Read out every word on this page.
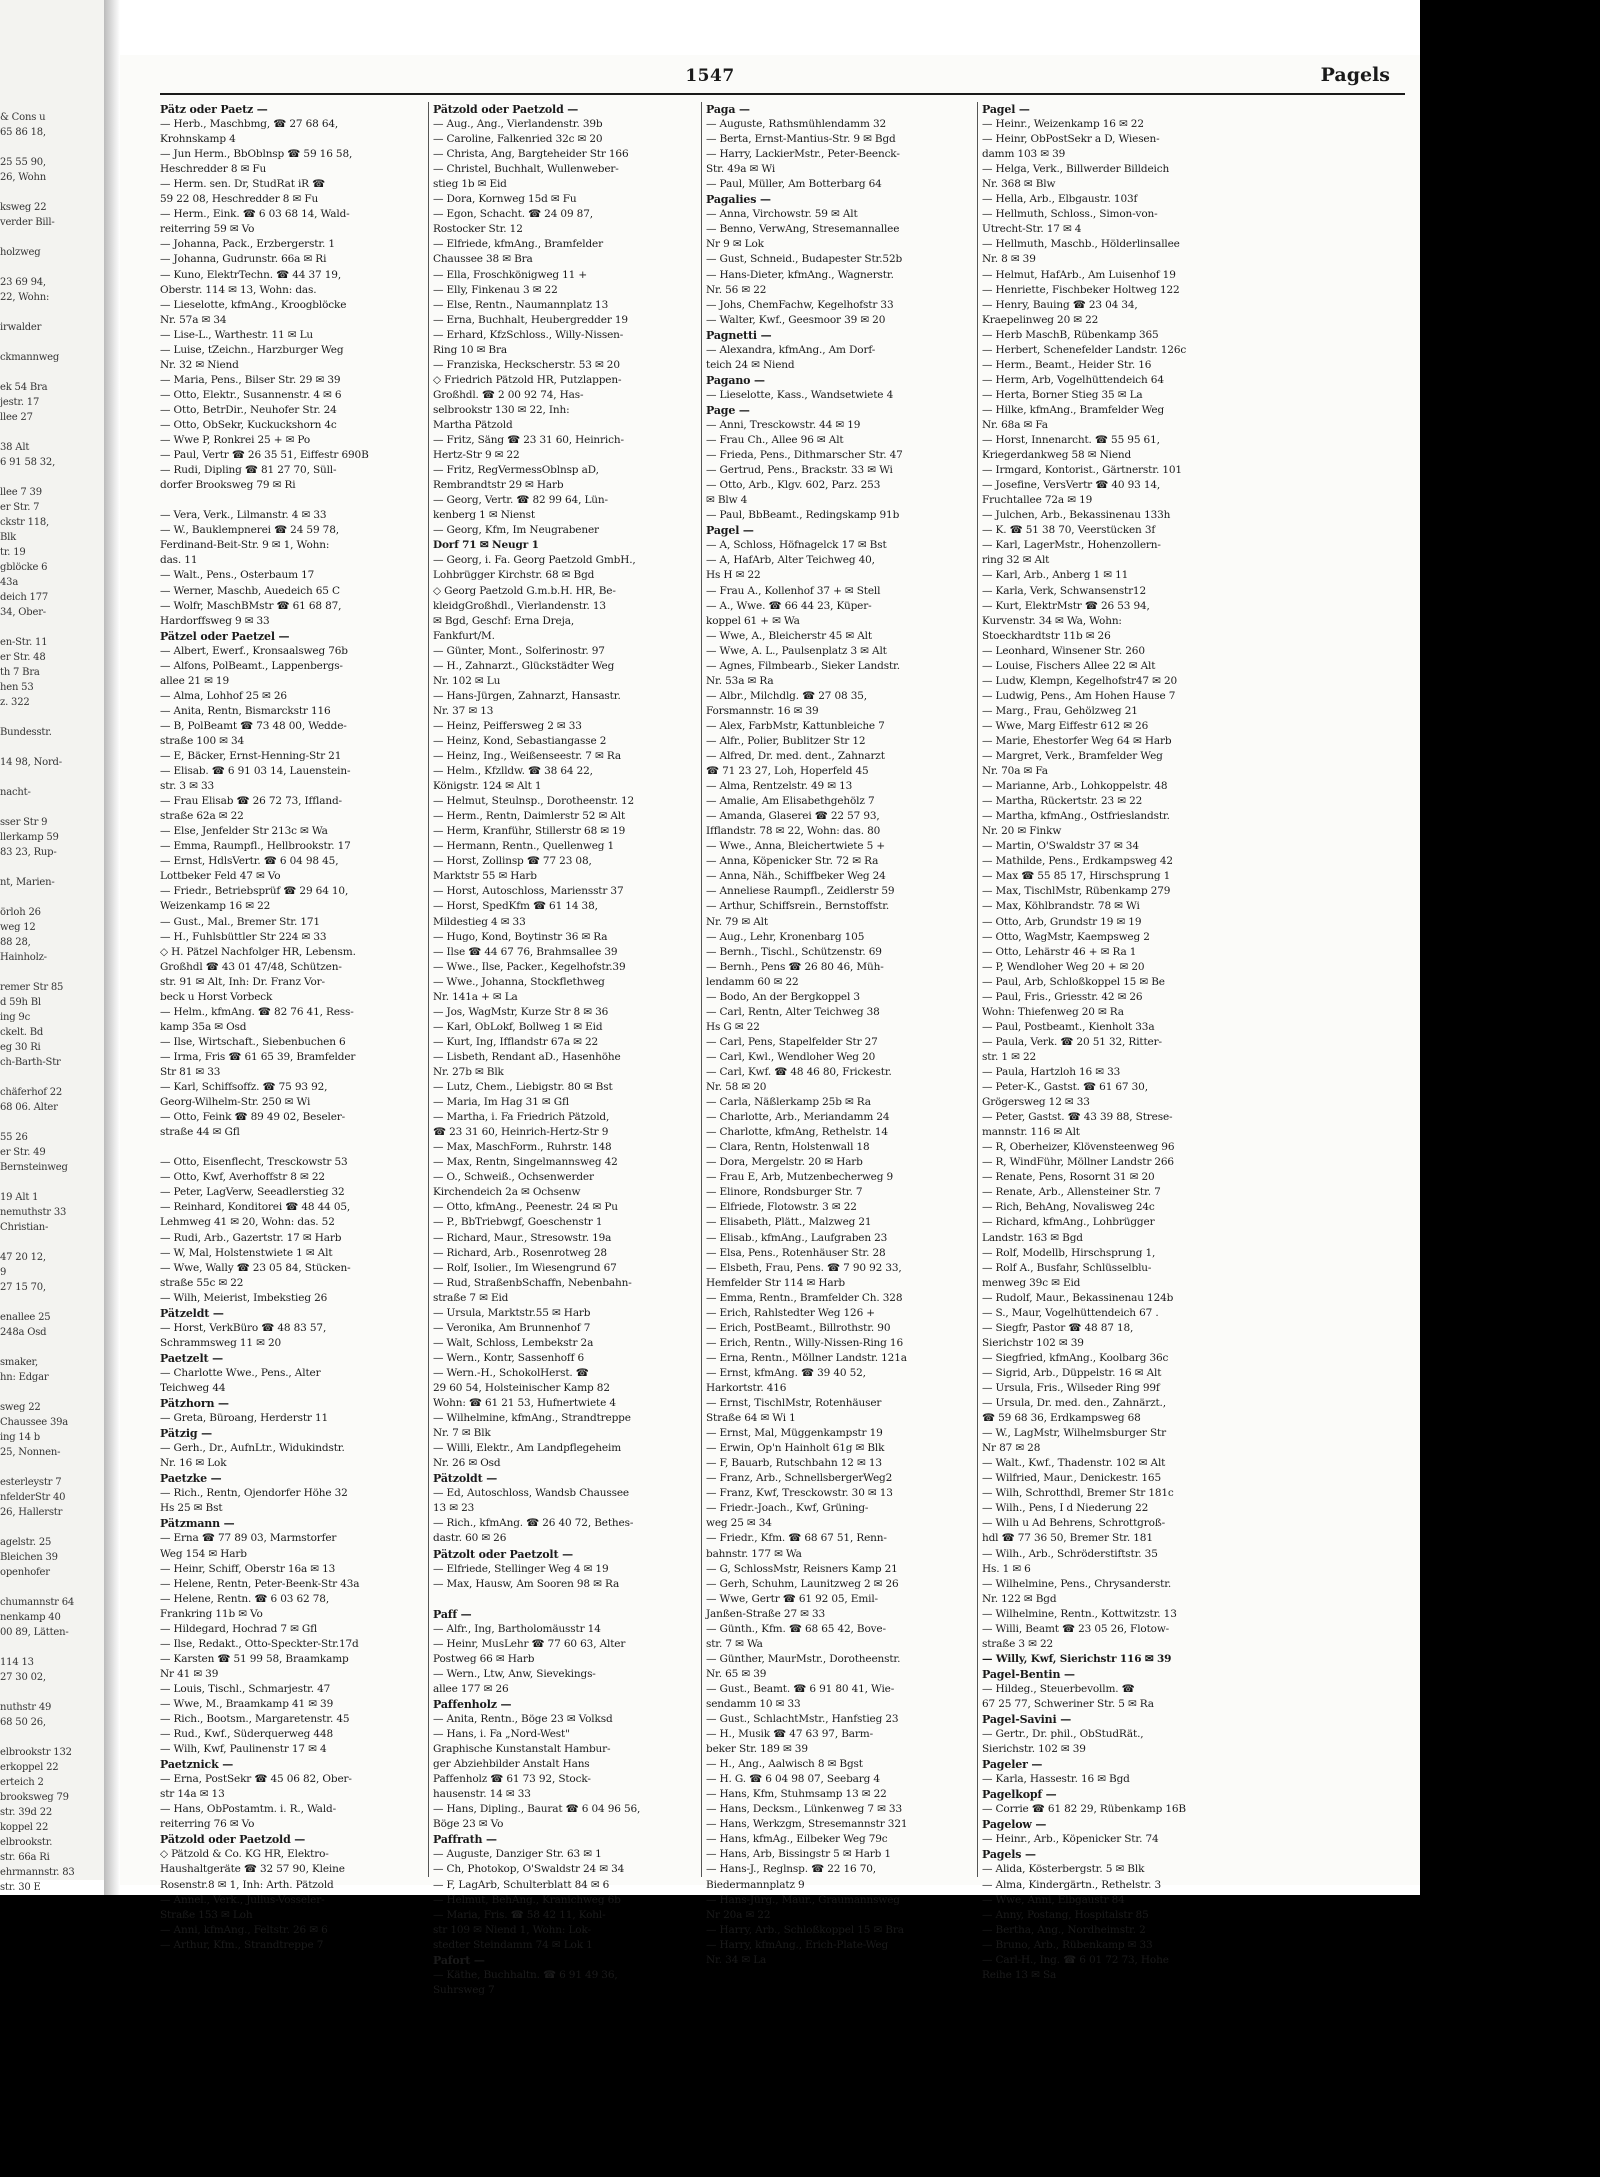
& Cons u
65 86 18,
25 55 90,
26, Wohn
ksweg 22
verder Bill-
holzweg
23 69 94,
22, Wohn:
irwalder
ckmannweg
ek 54 Bra
jestr. 17
llee 27
38 Alt
6 91 58 32,
llee 7 39
er Str. 7
ckstr 118,
Blk
tr. 19
gblöcke 6
43a
deich 177
34, Ober-
en-Str. 11
er Str. 48
th 7 Bra
hen 53
z. 322
Bundesstr.
14 98, Nord-
nacht-
sser Str 9
llerkamp 59
83 23, Rup-
nt, Marien-
örloh 26
weg 12
88 28,
Hainholz-
remer Str 85
d 59h Bl
ing 9c
ckelt. Bd
eg 30 Ri
ch-Barth-Str
chäferhof 22
68 06. Alter
55 26
er Str. 49
Bernsteinweg
19 Alt 1
nemuthstr 33
Christian-
47 20 12,
9
27 15 70,
enallee 25
248a Osd
smaker,
hn: Edgar
sweg 22
Chaussee 39a
ing 14 b
25, Nonnen-
esterleystr 7
nfelderStr 40
26, Hallerstr
agelstr. 25
Bleichen 39
openhofer
chumannstr 64
nenkamp 40
00 89, Lätten-
114 13
27 30 02,
nuthstr 49
68 50 26,
elbrookstr 132
erkoppel 22
erteich 2
brooksweg 79
str. 39d 22
koppel 22
elbrookstr.
str. 66a Ri
ehrmannstr. 83
str. 30 E
1547	Pagels
Pätz oder Paetz —
— Herb., Maschbmg, ☎ 27 68 64,
Krohnskamp 4
— Jun Herm., BbOblnsp ☎ 59 16 58,
Heschredder 8 ✉ Fu
— Herm. sen. Dr, StudRat iR ☎
59 22 08, Heschredder 8 ✉ Fu
— Herm., Eink. ☎ 6 03 68 14, Wald-
reiterring 59 ✉ Vo
— Johanna, Pack., Erzbergerstr. 1
— Johanna, Gudrunstr. 66a ✉ Ri
— Kuno, ElektrTechn. ☎ 44 37 19,
Oberstr. 114 ✉ 13, Wohn: das.
— Lieselotte, kfmAng., Kroogblöcke
Nr. 57a ✉ 34
— Lise-L., Warthestr. 11 ✉ Lu
— Luise, tZeichn., Harzburger Weg
Nr. 32 ✉ Niend
— Maria, Pens., Bilser Str. 29 ✉ 39
— Otto, Elektr., Susannenstr. 4 ✉ 6
— Otto, BetrDir., Neuhofer Str. 24
— Otto, ObSekr, Kuckuckshorn 4c
— Wwe P, Ronkrei 25 + ✉ Po
— Paul, Vertr ☎ 26 35 51, Eiffestr 690B
— Rudi, Dipling ☎ 81 27 70, Süll-
dorfer Brooksweg 79 ✉ Ri
— Vera, Verk., Lilmanstr. 4 ✉ 33
— W., Bauklempnerei ☎ 24 59 78,
Ferdinand-Beit-Str. 9 ✉ 1, Wohn:
das. 11
— Walt., Pens., Osterbaum 17
— Werner, Maschb, Auedeich 65 C
— Wolfr, MaschBMstr ☎ 61 68 87,
Hardorffsweg 9 ✉ 33
Pätzel oder Paetzel —
— Albert, Ewerf., Kronsaalsweg 76b
— Alfons, PolBeamt., Lappenbergs-
allee 21 ✉ 19
— Alma, Lohhof 25 ✉ 26
— Anita, Rentn, Bismarckstr 116
— B, PolBeamt ☎ 73 48 00, Wedde-
straße 100 ✉ 34
— E, Bäcker, Ernst-Henning-Str 21
— Elisab. ☎ 6 91 03 14, Lauenstein-
str. 3 ✉ 33
— Frau Elisab ☎ 26 72 73, Iffland-
straße 62a ✉ 22
— Else, Jenfelder Str 213c ✉ Wa
— Emma, Raumpfl., Hellbrookstr. 17
— Ernst, HdlsVertr. ☎ 6 04 98 45,
Lottbeker Feld 47 ✉ Vo
— Friedr., Betriebsprüf ☎ 29 64 10,
Weizenkamp 16 ✉ 22
— Gust., Mal., Bremer Str. 171
— H., Fuhlsbüttler Str 224 ✉ 33
◇ H. Pätzel Nachfolger HR, Lebensm.
Großhdl ☎ 43 01 47/48, Schützen-
str. 91 ✉ Alt, Inh: Dr. Franz Vor-
beck u Horst Vorbeck
— Helm., kfmAng. ☎ 82 76 41, Ress-
kamp 35a ✉ Osd
— Ilse, Wirtschaft., Siebenbuchen 6
— Irma, Fris ☎ 61 65 39, Bramfelder
Str 81 ✉ 33
— Karl, Schiffsoffz. ☎ 75 93 92,
Georg-Wilhelm-Str. 250 ✉ Wi
— Otto, Feink ☎ 89 49 02, Beseler-
straße 44 ✉ Gfl
— Otto, Eisenflecht, Tresckowstr 53
— Otto, Kwf, Averhoffstr 8 ✉ 22
— Peter, LagVerw, Seeadlerstieg 32
— Reinhard, Konditorei ☎ 48 44 05,
Lehmweg 41 ✉ 20, Wohn: das. 52
— Rudi, Arb., Gazertstr. 17 ✉ Harb
— W, Mal, Holstenstwiete 1 ✉ Alt
— Wwe, Wally ☎ 23 05 84, Stücken-
straße 55c ✉ 22
— Wilh, Meierist, Imbekstieg 26
Pätzeldt —
— Horst, VerkBüro ☎ 48 83 57,
Schrammsweg 11 ✉ 20
Paetzelt —
— Charlotte Wwe., Pens., Alter
Teichweg 44
Pätzhorn —
— Greta, Büroang, Herderstr 11
Pätzig —
— Gerh., Dr., AufnLtr., Widukindstr.
Nr. 16 ✉ Lok
Paetzke —
— Rich., Rentn, Ojendorfer Höhe 32
Hs 25 ✉ Bst
Pätzmann —
— Erna ☎ 77 89 03, Marmstorfer
Weg 154 ✉ Harb
— Heinr, Schiff, Oberstr 16a ✉ 13
— Helene, Rentn, Peter-Beenk-Str 43a
— Helene, Rentn. ☎ 6 03 62 78,
Frankring 11b ✉ Vo
— Hildegard, Hochrad 7 ✉ Gfl
— Ilse, Redakt., Otto-Speckter-Str.17d
— Karsten ☎ 51 99 58, Braamkamp
Nr 41 ✉ 39
— Louis, Tischl., Schmarjestr. 47
— Wwe, M., Braamkamp 41 ✉ 39
— Rich., Bootsm., Margaretenstr. 45
— Rud., Kwf., Süderquerweg 448
— Wilh, Kwf, Paulinenstr 17 ✉ 4
Paetznick —
— Erna, PostSekr ☎ 45 06 82, Ober-
str 14a ✉ 13
— Hans, ObPostamtm. i. R., Wald-
reiterring 76 ✉ Vo
Pätzold oder Paetzold —
◇ Pätzold & Co. KG HR, Elektro-
Haushaltgeräte ☎ 32 57 90, Kleine
Rosenstr.8 ✉ 1, Inh: Arth. Pätzold
— Annel., Verk., Julius-Vosseler-
Straße 153 ✉ Loh
— Anni, kfmAng., Feltstr. 26 ✉ 6
— Arthur, Kfm., Strandtreppe 7
Pätzold oder Paetzold —
— Aug., Ang., Vierlandenstr. 39b
— Caroline, Falkenried 32c ✉ 20
— Christa, Ang, Bargteheider Str 166
— Christel, Buchhalt, Wullenweber-
stieg 1b ✉ Eid
— Dora, Kornweg 15d ✉ Fu
— Egon, Schacht. ☎ 24 09 87,
Rostocker Str. 12
— Elfriede, kfmAng., Bramfelder
Chaussee 38 ✉ Bra
— Ella, Froschkönigweg 11 +
— Elly, Finkenau 3 ✉ 22
— Else, Rentn., Naumannplatz 13
— Erna, Buchhalt, Heubergredder 19
— Erhard, KfzSchloss., Willy-Nissen-
Ring 10 ✉ Bra
— Franziska, Heckscherstr. 53 ✉ 20
◇ Friedrich Pätzold HR, Putzlappen-
Großhdl. ☎ 2 00 92 74, Has-
selbrookstr 130 ✉ 22, Inh:
Martha Pätzold
— Fritz, Säng ☎ 23 31 60, Heinrich-
Hertz-Str 9 ✉ 22
— Fritz, RegVermessOblnsp aD,
Rembrandtstr 29 ✉ Harb
— Georg, Vertr. ☎ 82 99 64, Lün-
kenberg 1 ✉ Nienst
— Georg, Kfm, Im Neugrabener
Dorf 71 ✉ Neugr 1
— Georg, i. Fa. Georg Paetzold GmbH.,
Lohbrügger Kirchstr. 68 ✉ Bgd
◇ Georg Paetzold G.m.b.H. HR, Be-
kleidgGroßhdl., Vierlandenstr. 13
✉ Bgd, Geschf: Erna Dreja,
Fankfurt/M.
— Günter, Mont., Solferinostr. 97
— H., Zahnarzt., Glückstädter Weg
Nr. 102 ✉ Lu
— Hans-Jürgen, Zahnarzt, Hansastr.
Nr. 37 ✉ 13
— Heinz, Peiffersweg 2 ✉ 33
— Heinz, Kond, Sebastiangasse 2
— Heinz, Ing., Weißenseestr. 7 ✉ Ra
— Helm., Kfzlldw. ☎ 38 64 22,
Königstr. 124 ✉ Alt 1
— Helmut, Steulnsp., Dorotheenstr. 12
— Herm., Rentn, Daimlerstr 52 ✉ Alt
— Herm, Kranführ, Stillerstr 68 ✉ 19
— Hermann, Rentn., Quellenweg 1
— Horst, Zollinsp ☎ 77 23 08,
Marktstr 55 ✉ Harb
— Horst, Autoschloss, Mariensstr 37
— Horst, SpedKfm ☎ 61 14 38,
Mildestieg 4 ✉ 33
— Hugo, Kond, Boytinstr 36 ✉ Ra
— Ilse ☎ 44 67 76, Brahmsallee 39
— Wwe., Ilse, Packer., Kegelhofstr.39
— Wwe., Johanna, Stockflethweg
Nr. 141a + ✉ La
— Jos, WagMstr, Kurze Str 8 ✉ 36
— Karl, ObLokf, Bollweg 1 ✉ Eid
— Kurt, Ing, Ifflandstr 67a ✉ 22
— Lisbeth, Rendant aD., Hasenhöhe
Nr. 27b ✉ Blk
— Lutz, Chem., Liebigstr. 80 ✉ Bst
— Maria, Im Hag 31 ✉ Gfl
— Martha, i. Fa Friedrich Pätzold,
☎ 23 31 60, Heinrich-Hertz-Str 9
— Max, MaschForm., Ruhrstr. 148
— Max, Rentn, Singelmannsweg 42
— O., Schweiß., Ochsenwerder
Kirchendeich 2a ✉ Ochsenw
— Otto, kfmAng., Peenestr. 24 ✉ Pu
— P., BbTriebwgf, Goeschenstr 1
— Richard, Maur., Stresowstr. 19a
— Richard, Arb., Rosenrotweg 28
— Rolf, Isolier., Im Wiesengrund 67
— Rud, StraßenbSchaffn, Nebenbahn-
straße 7 ✉ Eid
— Ursula, Marktstr.55 ✉ Harb
— Veronika, Am Brunnenhof 7
— Walt, Schloss, Lembekstr 2a
— Wern., Kontr, Sassenhoff 6
— Wern.-H., SchokolHerst. ☎
29 60 54, Holsteinischer Kamp 82
Wohn: ☎ 61 21 53, Hufnertwiete 4
— Wilhelmine, kfmAng., Strandtreppe
Nr. 7 ✉ Blk
— Willi, Elektr., Am Landpflegeheim
Nr. 26 ✉ Osd
Pätzoldt —
— Ed, Autoschloss, Wandsb Chaussee
13 ✉ 23
— Rich., kfmAng. ☎ 26 40 72, Bethes-
dastr. 60 ✉ 26
Pätzolt oder Paetzolt —
— Elfriede, Stellinger Weg 4 ✉ 19
— Max, Hausw, Am Sooren 98 ✉ Ra
Paff —
— Alfr., Ing, Bartholomäusstr 14
— Heinr, MusLehr ☎ 77 60 63, Alter
Postweg 66 ✉ Harb
— Wern., Ltw, Anw, Sievekings-
allee 177 ✉ 26
Paffenholz —
— Anita, Rentn., Böge 23 ✉ Volksd
— Hans, i. Fa „Nord-West"
Graphische Kunstanstalt Hambur-
ger Abziehbilder Anstalt Hans
Paffenholz ☎ 61 73 92, Stock-
hausenstr. 14 ✉ 33
— Hans, Dipling., Baurat ☎ 6 04 96 56,
Böge 23 ✉ Vo
Paffrath —
— Auguste, Danziger Str. 63 ✉ 1
— Ch, Photokop, O'Swaldstr 24 ✉ 34
— F, LagArb, Schulterblatt 84 ✉ 6
— Helmut, BehAng., Kranichweg 6b
— Maria, Fris. ☎ 58 42 11, Kohl-
str 109 ✉ Niend 1, Wohn: Lok-
stedter Steindamm 74 ✉ Lok 1
Pafort —
— Käthe, Buchhaltn. ☎ 6 91 49 36,
Suhrsweg 7
Paga —
— Auguste, Rathsmühlendamm 32
— Berta, Ernst-Mantius-Str. 9 ✉ Bgd
— Harry, LackierMstr., Peter-Beenck-
Str. 49a ✉ Wi
— Paul, Müller, Am Botterbarg 64
Pagalies —
— Anna, Virchowstr. 59 ✉ Alt
— Benno, VerwAng, Stresemannallee
Nr 9 ✉ Lok
— Gust, Schneid., Budapester Str.52b
— Hans-Dieter, kfmAng., Wagnerstr.
Nr. 56 ✉ 22
— Johs, ChemFachw, Kegelhofstr 33
— Walter, Kwf., Geesmoor 39 ✉ 20
Pagnetti —
— Alexandra, kfmAng., Am Dorf-
teich 24 ✉ Niend
Pagano —
— Lieselotte, Kass., Wandsetwiete 4
Page —
— Anni, Tresckowstr. 44 ✉ 19
— Frau Ch., Allee 96 ✉ Alt
— Frieda, Pens., Dithmarscher Str. 47
— Gertrud, Pens., Brackstr. 33 ✉ Wi
— Otto, Arb., Klgv. 602, Parz. 253
✉ Blw 4
— Paul, BbBeamt., Redingskamp 91b
Pagel —
— A, Schloss, Höfnagelck 17 ✉ Bst
— A, HafArb, Alter Teichweg 40,
Hs H ✉ 22
— Frau A., Kollenhof 37 + ✉ Stell
— A., Wwe. ☎ 66 44 23, Küper-
koppel 61 + ✉ Wa
— Wwe, A., Bleicherstr 45 ✉ Alt
— Wwe, A. L., Paulsenplatz 3 ✉ Alt
— Agnes, Filmbearb., Sieker Landstr.
Nr. 53a ✉ Ra
— Albr., Milchdlg. ☎ 27 08 35,
Forsmannstr. 16 ✉ 39
— Alex, FarbMstr, Kattunbleiche 7
— Alfr., Polier, Bublitzer Str 12
— Alfred, Dr. med. dent., Zahnarzt
☎ 71 23 27, Loh, Hoperfeld 45
— Alma, Rentzelstr. 49 ✉ 13
— Amalie, Am Elisabethgehölz 7
— Amanda, Glaserei ☎ 22 57 93,
Ifflandstr. 78 ✉ 22, Wohn: das. 80
— Wwe., Anna, Bleichertwiete 5 +
— Anna, Köpenicker Str. 72 ✉ Ra
— Anna, Näh., Schiffbeker Weg 24
— Anneliese Raumpfl., Zeidlerstr 59
— Arthur, Schiffsrein., Bernstoffstr.
Nr. 79 ✉ Alt
— Aug., Lehr, Kronenbarg 105
— Bernh., Tischl., Schützenstr. 69
— Bernh., Pens ☎ 26 80 46, Müh-
lendamm 60 ✉ 22
— Bodo, An der Bergkoppel 3
— Carl, Rentn, Alter Teichweg 38
Hs G ✉ 22
— Carl, Pens, Stapelfelder Str 27
— Carl, Kwl., Wendloher Weg 20
— Carl, Kwf. ☎ 48 46 80, Frickestr.
Nr. 58 ✉ 20
— Carla, Näßlerkamp 25b ✉ Ra
— Charlotte, Arb., Meriandamm 24
— Charlotte, kfmAng, Rethelstr. 14
— Clara, Rentn, Holstenwall 18
— Dora, Mergelstr. 20 ✉ Harb
— Frau E, Arb, Mutzenbecherweg 9
— Elinore, Rondsburger Str. 7
— Elfriede, Flotowstr. 3 ✉ 22
— Elisabeth, Plätt., Malzweg 21
— Elisab., kfmAng., Laufgraben 23
— Elsa, Pens., Rotenhäuser Str. 28
— Elsbeth, Frau, Pens. ☎ 7 90 92 33,
Hemfelder Str 114 ✉ Harb
— Emma, Rentn., Bramfelder Ch. 328
— Erich, Rahlstedter Weg 126 +
— Erich, PostBeamt., Billrothstr. 90
— Erich, Rentn., Willy-Nissen-Ring 16
— Erna, Rentn., Möllner Landstr. 121a
— Ernst, kfmAng. ☎ 39 40 52,
Harkortstr. 416
— Ernst, TischlMstr, Rotenhäuser
Straße 64 ✉ Wi 1
— Ernst, Mal, Müggenkampstr 19
— Erwin, Op'n Hainholt 61g ✉ Blk
— F, Bauarb, Rutschbahn 12 ✉ 13
— Franz, Arb., SchnellsbergerWeg2
— Franz, Kwf, Tresckowstr. 30 ✉ 13
— Friedr.-Joach., Kwf, Grüning-
weg 25 ✉ 34
— Friedr., Kfm. ☎ 68 67 51, Renn-
bahnstr. 177 ✉ Wa
— G, SchlossMstr, Reisners Kamp 21
— Gerh, Schuhm, Launitzweg 2 ✉ 26
— Wwe, Gertr ☎ 61 92 05, Emil-
Janßen-Straße 27 ✉ 33
— Günth., Kfm. ☎ 68 65 42, Bove-
str. 7 ✉ Wa
— Günther, MaurMstr., Dorotheenstr.
Nr. 65 ✉ 39
— Gust., Beamt. ☎ 6 91 80 41, Wie-
sendamm 10 ✉ 33
— Gust., SchlachtMstr., Hanfstieg 23
— H., Musik ☎ 47 63 97, Barm-
beker Str. 189 ✉ 39
— H., Ang., Aalwisch 8 ✉ Bgst
— H. G. ☎ 6 04 98 07, Seebarg 4
— Hans, Kfm, Stuhmsamp 13 ✉ 22
— Hans, Decksm., Lünkenweg 7 ✉ 33
— Hans, Werkzgm, Stresemannstr 321
— Hans, kfmAg., Eilbeker Weg 79c
— Hans, Arb, Bissingstr 5 ✉ Harb 1
— Hans-J., Reglnsp. ☎ 22 16 70,
Biedermannplatz 9
— Hans-Jürg., Maur., Graumannsweg
Nr 20a ✉ 22
— Harry, Arb., Schloßkoppel 15 ✉ Bra
— Harry, kfmAng., Erich-Plate-Weg
Nr. 34 ✉ La
Pagel —
— Heinr., Weizenkamp 16 ✉ 22
— Heinr, ObPostSekr a D, Wiesen-
damm 103 ✉ 39
— Helga, Verk., Billwerder Billdeich
Nr. 368 ✉ Blw
— Hella, Arb., Elbgaustr. 103f
— Hellmuth, Schloss., Simon-von-
Utrecht-Str. 17 ✉ 4
— Hellmuth, Maschb., Hölderlinsallee
Nr. 8 ✉ 39
— Helmut, HafArb., Am Luisenhof 19
— Henriette, Fischbeker Holtweg 122
— Henry, Bauing ☎ 23 04 34,
Kraepelinweg 20 ✉ 22
— Herb MaschB, Rübenkamp 365
— Herbert, Schenefelder Landstr. 126c
— Herm., Beamt., Heider Str. 16
— Herm, Arb, Vogelhüttendeich 64
— Herta, Borner Stieg 35 ✉ La
— Hilke, kfmAng., Bramfelder Weg
Nr. 68a ✉ Fa
— Horst, Innenarcht. ☎ 55 95 61,
Kriegerdankweg 58 ✉ Niend
— Irmgard, Kontorist., Gärtnerstr. 101
— Josefine, VersVertr ☎ 40 93 14,
Fruchtallee 72a ✉ 19
— Julchen, Arb., Bekassinenau 133h
— K. ☎ 51 38 70, Veerstücken 3f
— Karl, LagerMstr., Hohenzollern-
ring 32 ✉ Alt
— Karl, Arb., Anberg 1 ✉ 11
— Karla, Verk, Schwansenstr12
— Kurt, ElektrMstr ☎ 26 53 94,
Kurvenstr. 34 ✉ Wa, Wohn:
Stoeckhardtstr 11b ✉ 26
— Leonhard, Winsener Str. 260
— Louise, Fischers Allee 22 ✉ Alt
— Ludw, Klempn, Kegelhofstr47 ✉ 20
— Ludwig, Pens., Am Hohen Hause 7
— Marg., Frau, Gehölzweg 21
— Wwe, Marg Eiffestr 612 ✉ 26
— Marie, Ehestorfer Weg 64 ✉ Harb
— Margret, Verk., Bramfelder Weg
Nr. 70a ✉ Fa
— Marianne, Arb., Lohkoppelstr. 48
— Martha, Rückertstr. 23 ✉ 22
— Martha, kfmAng., Ostfrieslandstr.
Nr. 20 ✉ Finkw
— Martin, O'Swaldstr 37 ✉ 34
— Mathilde, Pens., Erdkampsweg 42
— Max ☎ 55 85 17, Hirschsprung 1
— Max, TischlMstr, Rübenkamp 279
— Max, Köhlbrandstr. 78 ✉ Wi
— Otto, Arb, Grundstr 19 ✉ 19
— Otto, WagMstr, Kaempsweg 2
— Otto, Lehärstr 46 + ✉ Ra 1
— P, Wendloher Weg 20 + ✉ 20
— Paul, Arb, Schloßkoppel 15 ✉ Be
— Paul, Fris., Griesstr. 42 ✉ 26
Wohn: Thiefenweg 20 ✉ Ra
— Paul, Postbeamt., Kienholt 33a
— Paula, Verk. ☎ 20 51 32, Ritter-
str. 1 ✉ 22
— Paula, Hartzloh 16 ✉ 33
— Peter-K., Gastst. ☎ 61 67 30,
Grögersweg 12 ✉ 33
— Peter, Gastst. ☎ 43 39 88, Strese-
mannstr. 116 ✉ Alt
— R, Oberheizer, Klövensteenweg 96
— R, WindFühr, Möllner Landstr 266
— Renate, Pens, Rosornt 31 ✉ 20
— Renate, Arb., Allensteiner Str. 7
— Rich, BehAng, Novalisweg 24c
— Richard, kfmAng., Lohbrügger
Landstr. 163 ✉ Bgd
— Rolf, Modellb, Hirschsprung 1,
— Rolf A., Busfahr, Schlüsselblu-
menweg 39c ✉ Eid
— Rudolf, Maur., Bekassinenau 124b
— S., Maur, Vogelhüttendeich 67 .
— Siegfr, Pastor ☎ 48 87 18,
Sierichstr 102 ✉ 39
— Siegfried, kfmAng., Koolbarg 36c
— Sigrid, Arb., Düppelstr. 16 ✉ Alt
— Ursula, Fris., Wilseder Ring 99f
— Ursula, Dr. med. den., Zahnärzt.,
☎ 59 68 36, Erdkampsweg 68
— W., LagMstr, Wilhelmsburger Str
Nr 87 ✉ 28
— Walt., Kwf., Thadenstr. 102 ✉ Alt
— Wilfried, Maur., Denickestr. 165
— Wilh, Schrotthdl, Bremer Str 181c
— Wilh., Pens, I d Niederung 22
— Wilh u Ad Behrens, Schrottgroß-
hdl ☎ 77 36 50, Bremer Str. 181
— Wilh., Arb., Schröderstiftstr. 35
Hs. 1 ✉ 6
— Wilhelmine, Pens., Chrysanderstr.
Nr. 122 ✉ Bgd
— Wilhelmine, Rentn., Kottwitzstr. 13
— Willi, Beamt ☎ 23 05 26, Flotow-
straße 3 ✉ 22
— Willy, Kwf, Sierichstr 116 ✉ 39
Pagel-Bentin —
— Hildeg., Steuerbevollm. ☎
67 25 77, Schweriner Str. 5 ✉ Ra
Pagel-Savini —
— Gertr., Dr. phil., ObStudRät.,
Sierichstr. 102 ✉ 39
Pageler —
— Karla, Hassestr. 16 ✉ Bgd
Pagelkopf —
— Corrie ☎ 61 82 29, Rübenkamp 16B
Pagelow —
— Heinr., Arb., Köpenicker Str. 74
Pagels —
— Alida, Kösterbergstr. 5 ✉ Blk
— Alma, Kindergärtn., Rethelstr. 3
— Wwe, Anni, Elbgaustr 84
— Anny, Postang, Hospitalstr 85
— Bertha, Ang., Nordheimstr. 2
— Bruno, Arb., Rübenkamp ✉ 33
— Carl-H., Ing. ☎ 6 01 72 73, Hohe
Reihe 13 ✉ Sa
